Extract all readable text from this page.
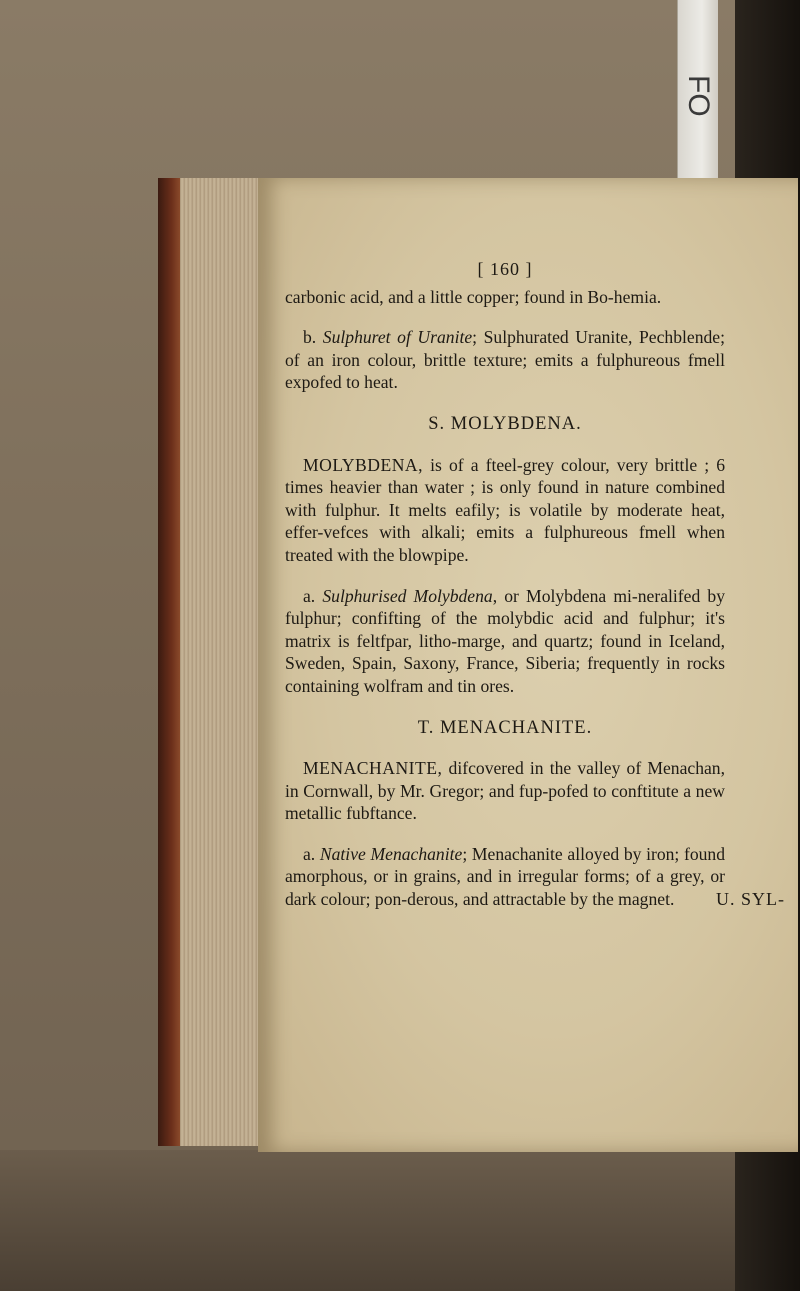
FO
[ 160 ]

carbonic acid, and a little copper; found in Bo-hemia.

b. Sulphuret of Uranite; Sulphurated Uranite, Pechblende; of an iron colour, brittle texture; emits a fulphureous fmell expofed to heat.

S. MOLYBDENA.

MOLYBDENA, is of a fteel-grey colour, very brittle ; 6 times heavier than water ; is only found in nature combined with fulphur. It melts eafily; is volatile by moderate heat, effer-vefces with alkali; emits a fulphureous fmell when treated with the blowpipe.

a. Sulphurised Molybdena, or Molybdena mi-neralifed by fulphur; confifting of the molybdic acid and fulphur; it's matrix is feltfpar, litho-marge, and quartz; found in Iceland, Sweden, Spain, Saxony, France, Siberia; frequently in rocks containing wolfram and tin ores.

T. MENACHANITE.

MENACHANITE, difcovered in the valley of Menachan, in Cornwall, by Mr. Gregor; and fup-pofed to conftitute a new metallic fubftance.

a. Native Menachanite; Menachanite alloyed by iron; found amorphous, or in grains, and in irregular forms; of a grey, or dark colour; pon-derous, and attractable by the magnet.	U. SYL-
